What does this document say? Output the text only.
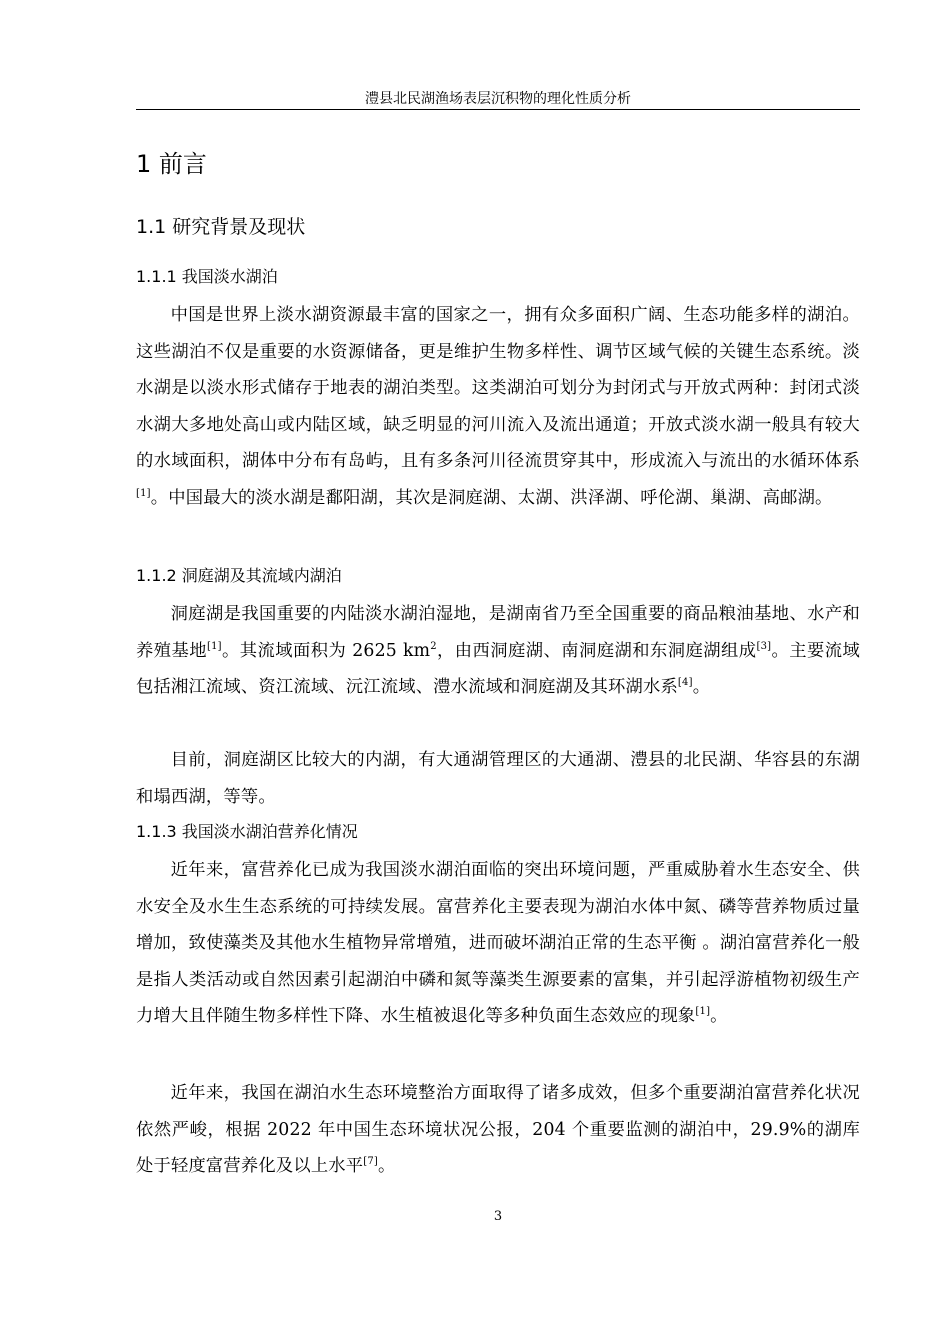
澧县北民湖渔场表层沉积物的理化性质分析
1 前言
1.1 研究背景及现状
1.1.1 我国淡水湖泊

中国是世界上淡水湖资源最丰富的国家之一，拥有众多面积广阔、生态功能多样的湖泊。这些湖泊不仅是重要的水资源储备，更是维护生物多样性、调节区域气候的关键生态系统。淡水湖是以淡水形式储存于地表的湖泊类型。这类湖泊可划分为封闭式与开放式两种：封闭式淡水湖大多地处高山或内陆区域，缺乏明显的河川流入及流出通道；开放式淡水湖一般具有较大的水域面积，湖体中分布有岛屿，且有多条河川径流贯穿其中，形成流入与流出的水循环体系[1]。中国最大的淡水湖是鄱阳湖，其次是洞庭湖、太湖、洪泽湖、呼伦湖、巢湖、高邮湖。

1.1.2 洞庭湖及其流域内湖泊

洞庭湖是我国重要的内陆淡水湖泊湿地，是湖南省乃至全国重要的商品粮油基地、水产和养殖基地[1]。其流域面积为 2625 $km^2$，由西洞庭湖、南洞庭湖和东洞庭湖组成[3]。主要流域包括湘江流域、资江流域、沅江流域、澧水流域和洞庭湖及其环湖水系[4]。

目前，洞庭湖区比较大的内湖，有大通湖管理区的大通湖、澧县的北民湖、华容县的东湖和塌西湖，等等。

1.1.3 我国淡水湖泊营养化情况

近年来，富营养化已成为我国淡水湖泊面临的突出环境问题，严重威胁着水生态安全、供水安全及水生生态系统的可持续发展。富营养化主要表现为湖泊水体中氮、磷等营养物质过量增加，致使藻类及其他水生植物异常增殖，进而破坏湖泊正常的生态平衡 。湖泊富营养化一般是指人类活动或自然因素引起湖泊中磷和氮等藻类生源要素的富集，并引起浮游植物初级生产力增大且伴随生物多样性下降、水生植被退化等多种负面生态效应的现象[1]。

近年来，我国在湖泊水生态环境整治方面取得了诸多成效，但多个重要湖泊富营养化状况依然严峻，根据 2022 年中国生态环境状况公报，204 个重要监测的湖泊中，29.9%的湖库处于轻度富营养化及以上水平[7]。

3
